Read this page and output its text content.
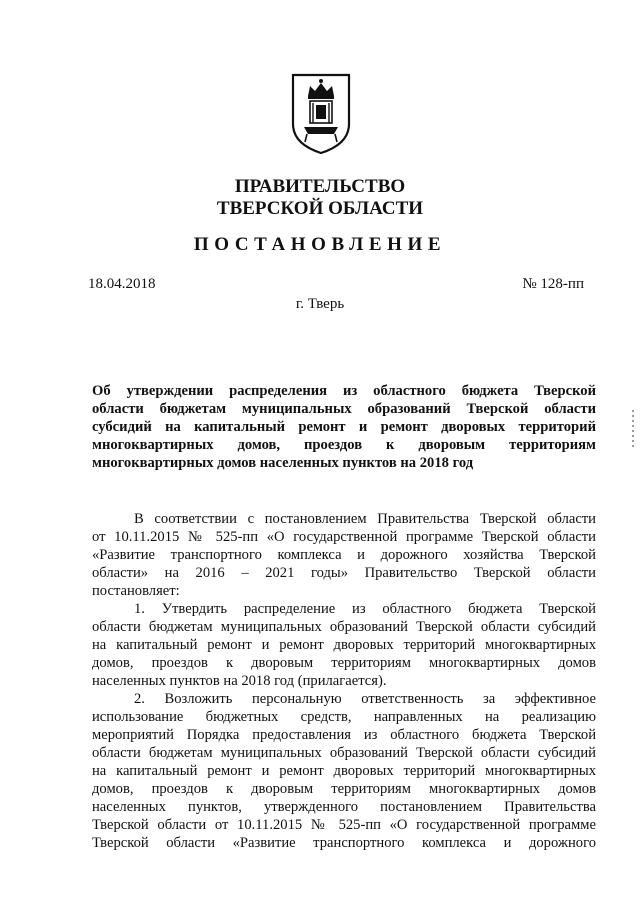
ПРАВИТЕЛЬСТВО
ТВЕРСКОЙ ОБЛАСТИ
ПОСТАНОВЛЕНИЕ
18.04.2018	№ 128-пп
г. Тверь
Об утверждении распределения из областного бюджета Тверской
области бюджетам муниципальных образований Тверской области
субсидий на капитальный ремонт и ремонт дворовых территорий
многоквартирных домов, проездов к дворовым территориям
многоквартирных домов населенных пунктов на 2018 год
В соответствии с постановлением Правительства Тверской области
от 10.11.2015 № 525-пп «О государственной программе Тверской области
«Развитие транспортного комплекса и дорожного хозяйства Тверской
области» на 2016 – 2021 годы» Правительство Тверской области
постановляет:
1. Утвердить распределение из областного бюджета Тверской
области бюджетам муниципальных образований Тверской области субсидий
на капитальный ремонт и ремонт дворовых территорий многоквартирных
домов, проездов к дворовым территориям многоквартирных домов
населенных пунктов на 2018 год (прилагается).
2. Возложить персональную ответственность за эффективное
использование бюджетных средств, направленных на реализацию
мероприятий Порядка предоставления из областного бюджета Тверской
области бюджетам муниципальных образований Тверской области субсидий
на капитальный ремонт и ремонт дворовых территорий многоквартирных
домов, проездов к дворовым территориям многоквартирных домов
населенных пунктов, утвержденного постановлением Правительства
Тверской области от 10.11.2015 № 525-пп «О государственной программе
Тверской области «Развитие транспортного комплекса и дорожного
